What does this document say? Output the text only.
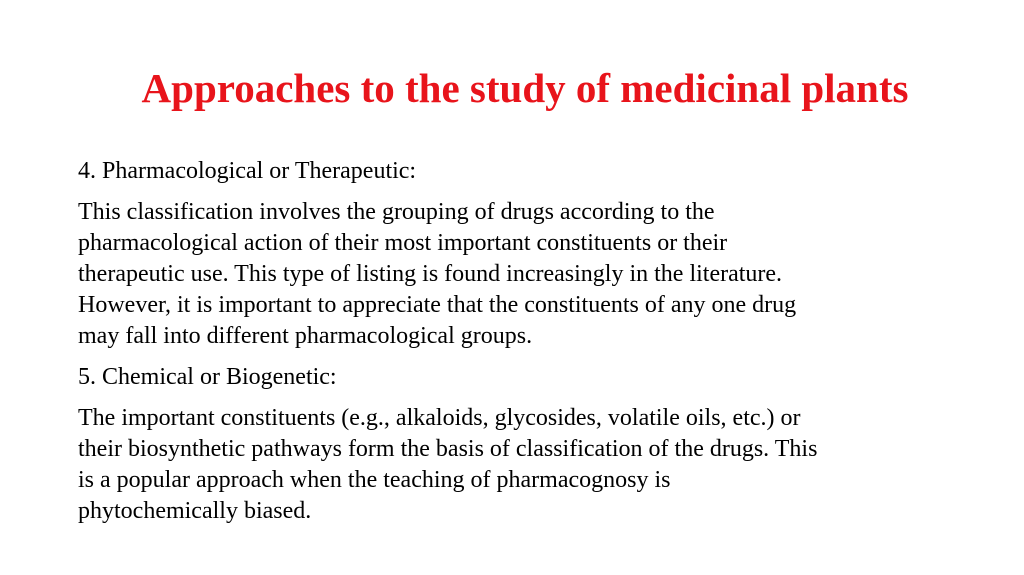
Approaches to the study of medicinal plants

4. Pharmacological or Therapeutic:

This classification involves the grouping of drugs according to the
pharmacological action of their most important constituents or their
therapeutic use. This type of listing is found increasingly in the literature.
However, it is important to appreciate that the constituents of any one drug
may fall into different pharmacological groups.

5. Chemical or Biogenetic:

The important constituents (e.g., alkaloids, glycosides, volatile oils, etc.) or
their biosynthetic pathways form the basis of classification of the drugs. This
is a popular approach when the teaching of pharmacognosy is
phytochemically biased.
